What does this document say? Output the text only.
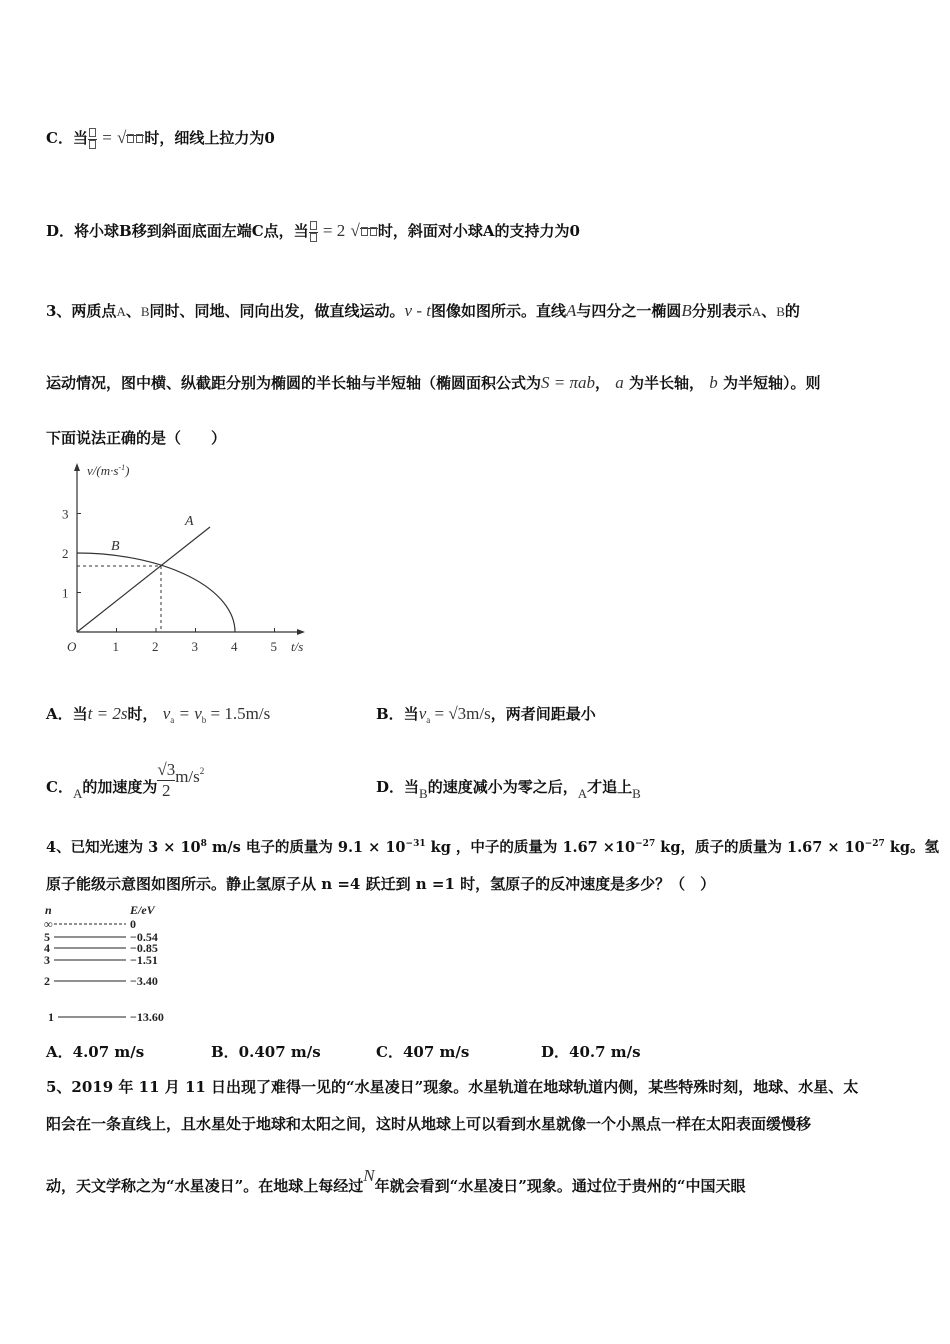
C．当 = √ 时，细线上拉力为0
D．将小球B移到斜面底面左端C点，当 = 2 √ 时，斜面对小球A的支持力为0
3、两质点A、B同时、同地、同向出发，做直线运动。v - t图像如图所示。直线A与四分之一椭圆B分别表示A、B的
运动情况，图中横、纵截距分别为椭圆的半长轴与半短轴（椭圆面积公式为S = πab， a 为半长轴， b 为半短轴）。则
下面说法正确的是（　　）
$v/(m\cdot s^{-1})$
t/s
O	1	2	3	4	5
1
2
3	A
B
A．当t = 2s时， $v_a = v_b = 1.5m/s$	B．当$v_a = √3m/s$，两者间距最小
C．A的加速度为 $\frac{√3}{2} m/s2$
D．当B的速度减小为零之后，A才追上B
4、已知光速为 $3 \times 10^8$ m/s 电子的质量为 $9.1 \times 10^{-31}$ kg ，中子的质量为 $1.67 \times 10^{-27}$ kg，质子的质量为 $1.67 \times 10^{-27}$ kg。氢
原子能级示意图如图所示。静止氢原子从 n =4 跃迁到 n =1 时，氢原子的反冲速度是多少？（　）
n	E/eV
∞	0
5	−0.54
4	−0.85
3	−1.51
2	−3.40
1	−13.60
A．4.07 m/s	B．0.407 m/s	C．407 m/s	D．40.7 m/s
5、2019 年 11 月 11 日出现了难得一见的“水星凌日”现象。水星轨道在地球轨道内侧，某些特殊时刻，地球、水星、太
阳会在一条直线上，且水星处于地球和太阳之间，这时从地球上可以看到水星就像一个小黑点一样在太阳表面缓慢移
动，天文学称之为“水星凌日”。在地球上每经过N年就会看到“水星凌日”现象。通过位于贵州的“中国天眼
